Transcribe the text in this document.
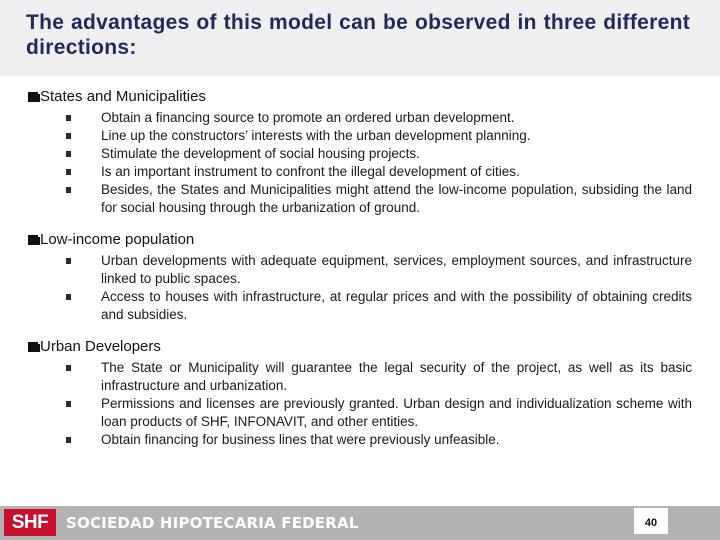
The advantages of this model can be observed in three different directions:
States and Municipalities
Obtain a financing source to promote an ordered urban development.
Line up the constructors’ interests with the urban development planning.
Stimulate the development of social housing projects.
Is an important instrument to confront the illegal development of cities.
Besides, the States and Municipalities might attend the low-income population, subsiding the land for social housing through the urbanization of ground.
Low-income population
Urban developments with adequate equipment, services, employment sources, and infrastructure linked to public spaces.
Access to houses with infrastructure, at regular prices and with the possibility of obtaining credits and subsidies.
Urban Developers
The State or Municipality will guarantee the legal security of the project, as well as its basic infrastructure and urbanization.
Permissions and licenses are previously granted. Urban design and individualization scheme with loan products of SHF, INFONAVIT, and other entities.
Obtain financing for business lines that were previously unfeasible.
SHF	SOCIEDAD HIPOTECARIA FEDERAL	40
